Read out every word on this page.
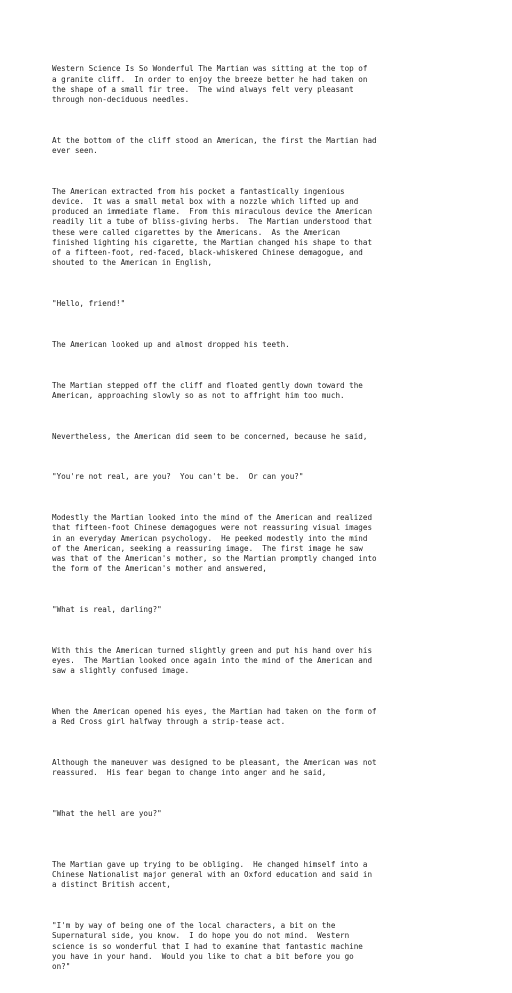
Western Science Is So Wonderful The Martian was sitting at the top of
a granite cliff.  In order to enjoy the breeze better he had taken on
the shape of a small fir tree.  The wind always felt very pleasant
through non-deciduous needles.

At the bottom of the cliff stood an American, the first the Martian had
ever seen.

The American extracted from his pocket a fantastically ingenious
device.  It was a small metal box with a nozzle which lifted up and
produced an immediate flame.  From this miraculous device the American
readily lit a tube of bliss-giving herbs.  The Martian understood that
these were called cigarettes by the Americans.  As the American
finished lighting his cigarette, the Martian changed his shape to that
of a fifteen-foot, red-faced, black-whiskered Chinese demagogue, and
shouted to the American in English,

"Hello, friend!"

The American looked up and almost dropped his teeth.

The Martian stepped off the cliff and floated gently down toward the
American, approaching slowly so as not to affright him too much.

Nevertheless, the American did seem to be concerned, because he said,

"You're not real, are you?  You can't be.  Or can you?"

Modestly the Martian looked into the mind of the American and realized
that fifteen-foot Chinese demagogues were not reassuring visual images
in an everyday American psychology.  He peeked modestly into the mind
of the American, seeking a reassuring image.  The first image he saw
was that of the American's mother, so the Martian promptly changed into
the form of the American's mother and answered,

"What is real, darling?"

With this the American turned slightly green and put his hand over his
eyes.  The Martian looked once again into the mind of the American and
saw a slightly confused image.

When the American opened his eyes, the Martian had taken on the form of
a Red Cross girl halfway through a strip-tease act.

Although the maneuver was designed to be pleasant, the American was not
reassured.  His fear began to change into anger and he said,

"What the hell are you?"

The Martian gave up trying to be obliging.  He changed himself into a
Chinese Nationalist major general with an Oxford education and said in
a distinct British accent,

"I'm by way of being one of the local characters, a bit on the
Supernatural side, you know.  I do hope you do not mind.  Western
science is so wonderful that I had to examine that fantastic machine
you have in your hand.  Would you like to chat a bit before you go
on?"
